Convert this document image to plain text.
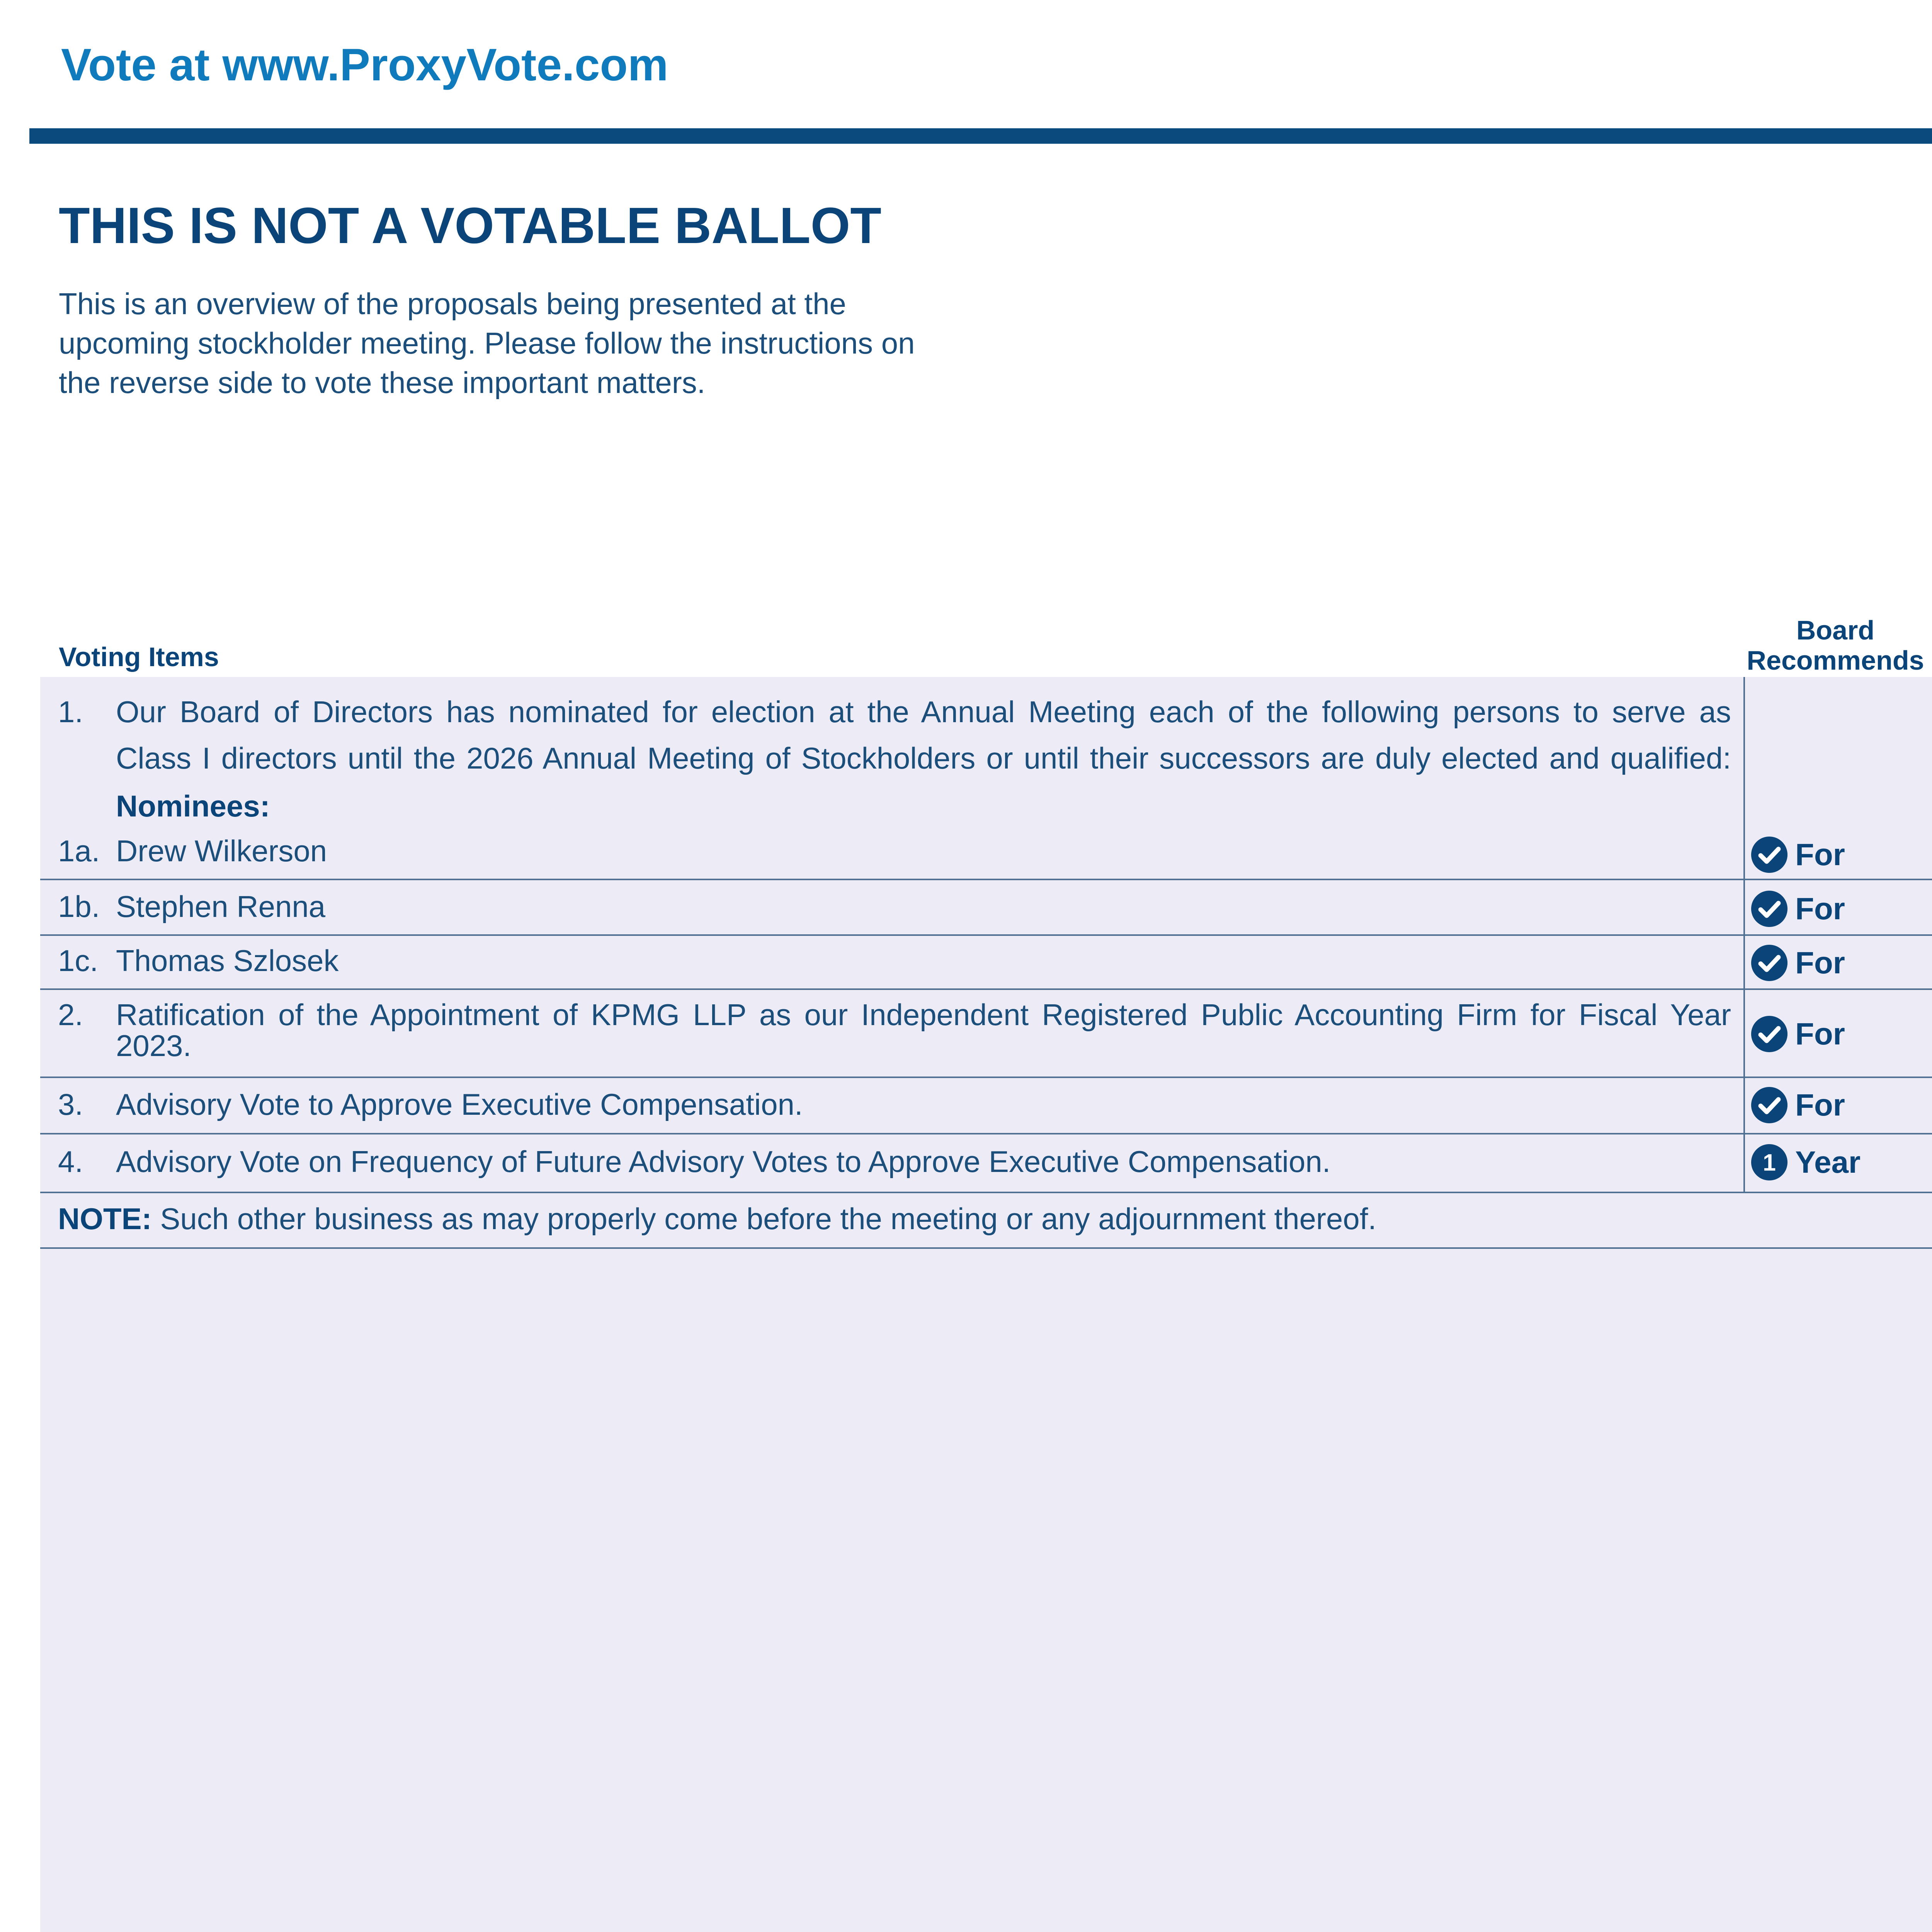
Vote at www.ProxyVote.com
THIS IS NOT A VOTABLE BALLOT
This is an overview of the proposals being presented at the
upcoming stockholder meeting. Please follow the instructions on
the reverse side to vote these important matters.
Board
Recommends
Voting Items
1. Our Board of Directors has nominated for election at the Annual Meeting each of the following persons to serve as
Class I directors until the 2026 Annual Meeting of Stockholders or until their successors are duly elected and qualified:
Nominees:
1a. Drew Wilkerson	For
1b. Stephen Renna	For
1c. Thomas Szlosek	For
2. Ratification of the Appointment of KPMG LLP as our Independent Registered Public Accounting Firm for Fiscal Year
2023.	For
3. Advisory Vote to Approve Executive Compensation.	For
4. Advisory Vote on Frequency of Future Advisory Votes to Approve Executive Compensation.	1 Year
NOTE: Such other business as may properly come before the meeting or any adjournment thereof.
